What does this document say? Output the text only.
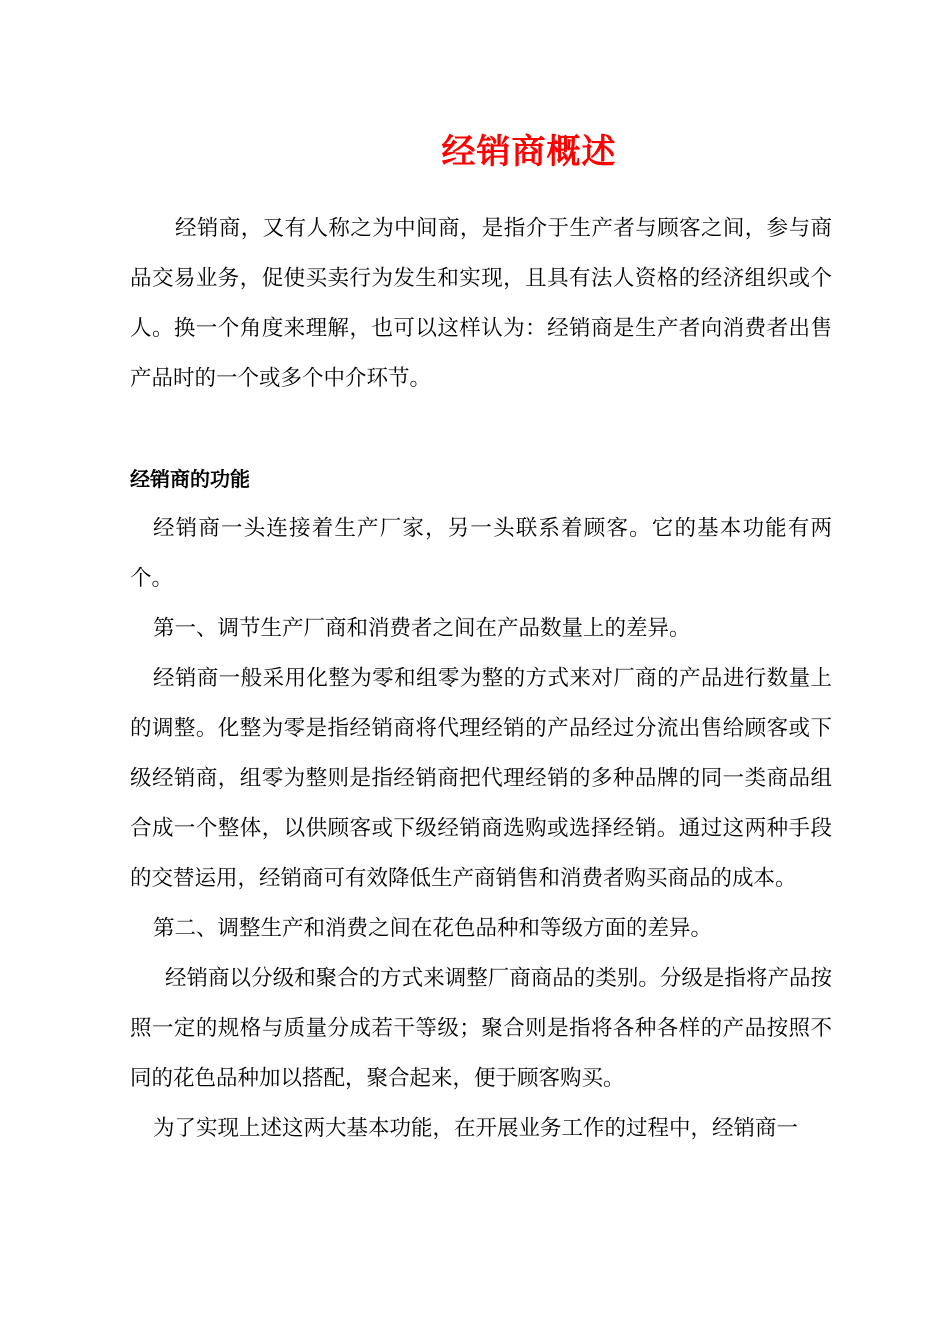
经销商概述

经销商，又有人称之为中间商，是指介于生产者与顾客之间，参与商品交易业务，促使买卖行为发生和实现，且具有法人资格的经济组织或个人。换一个角度来理解，也可以这样认为：经销商是生产者向消费者出售产品时的一个或多个中介环节。

经销商的功能

经销商一头连接着生产厂家，另一头联系着顾客。它的基本功能有两个。

第一、调节生产厂商和消费者之间在产品数量上的差异。

经销商一般采用化整为零和组零为整的方式来对厂商的产品进行数量上的调整。化整为零是指经销商将代理经销的产品经过分流出售给顾客或下级经销商，组零为整则是指经销商把代理经销的多种品牌的同一类商品组合成一个整体，以供顾客或下级经销商选购或选择经销。通过这两种手段的交替运用，经销商可有效降低生产商销售和消费者购买商品的成本。

第二、调整生产和消费之间在花色品种和等级方面的差异。

经销商以分级和聚合的方式来调整厂商商品的类别。分级是指将产品按照一定的规格与质量分成若干等级；聚合则是指将各种各样的产品按照不同的花色品种加以搭配，聚合起来，便于顾客购买。

为了实现上述这两大基本功能，在开展业务工作的过程中，经销商一
